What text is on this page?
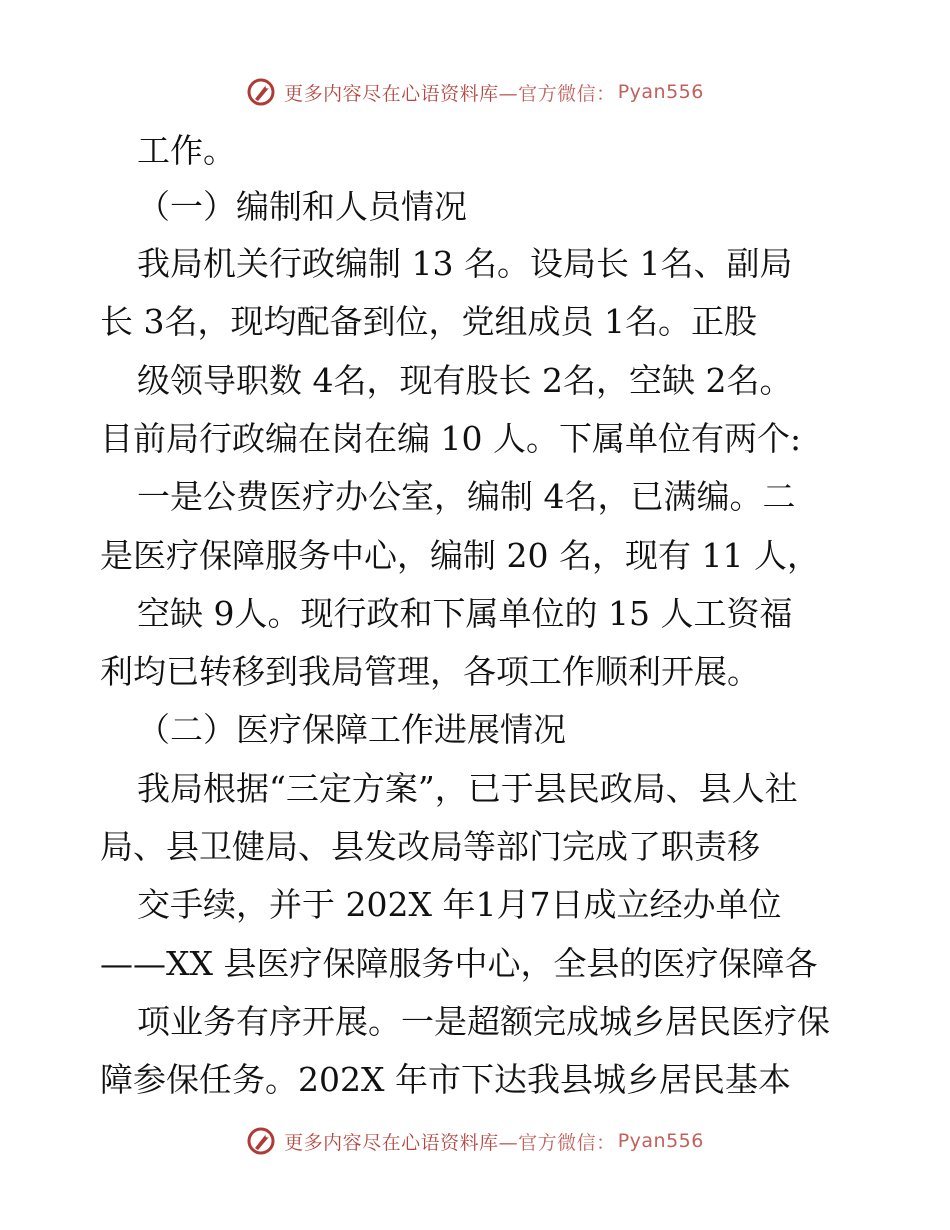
更多内容尽在心语资料库 —官方微信： Pyan556
工作。
（一）编制和人员情况
我局机关行政编制 13 名。设局长 1名、副局
长 3名，现均配备到位，党组成员 1名。正股
级领导职数 4名，现有股长 2名，空缺 2名。
目前局行政编在岗在编 10 人。下属单位有两个:
一是公费医疗办公室，编制 4名，已满编。二
是医疗保障服务中心，编制 20 名，现有 11 人，
空缺 9人。现行政和下属单位的 15 人工资福
利均已转移到我局管理，各项工作顺利开展。
（二）医疗保障工作进展情况
我局根据“三定方案”，已于县民政局、县人社
局、县卫健局、县发改局等部门完成了职责移
交手续，并于 202X 年1月7日成立经办单位
——XX 县医疗保障服务中心，全县的医疗保障各
项业务有序开展。一是超额完成城乡居民医疗保
障参保任务。202X 年市下达我县城乡居民基本
更多内容尽在心语资料库 —官方微信： Pyan556
